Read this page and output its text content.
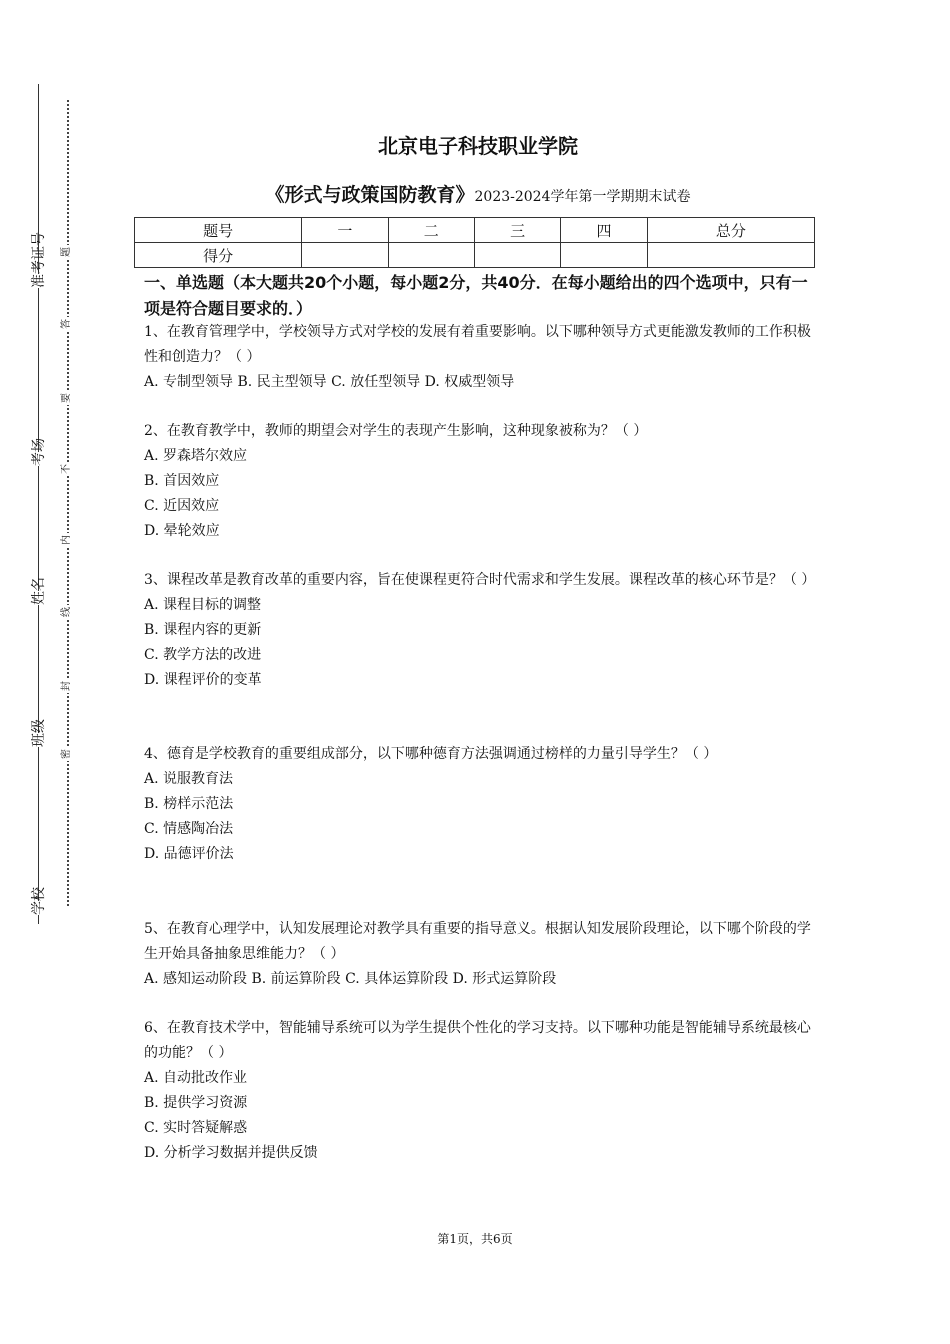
准考证号
考场
姓名
班级
学校
题
答
要
不
内
线
封
密
北京电子科技职业学院
《形式与政策国防教育》2023-2024学年第一学期期末试卷
一、单选题（本大题共20个小题，每小题2分，共40分．在每小题给出的四个选项中，只有一项是符合题目要求的．）
1、在教育管理学中，学校领导方式对学校的发展有着重要影响。以下哪种领导方式更能激发教师的工作积极性和创造力？（ ）
A. 专制型领导 B. 民主型领导 C. 放任型领导 D. 权威型领导
2、在教育教学中，教师的期望会对学生的表现产生影响，这种现象被称为？（ ）
A. 罗森塔尔效应
B. 首因效应
C. 近因效应
D. 晕轮效应
3、课程改革是教育改革的重要内容，旨在使课程更符合时代需求和学生发展。课程改革的核心环节是？（ ）
A. 课程目标的调整
B. 课程内容的更新
C. 教学方法的改进
D. 课程评价的变革
4、德育是学校教育的重要组成部分，以下哪种德育方法强调通过榜样的力量引导学生？（ ）
A. 说服教育法
B. 榜样示范法
C. 情感陶冶法
D. 品德评价法
5、在教育心理学中，认知发展理论对教学具有重要的指导意义。根据认知发展阶段理论，以下哪个阶段的学生开始具备抽象思维能力？（ ）
A. 感知运动阶段 B. 前运算阶段 C. 具体运算阶段 D. 形式运算阶段
6、在教育技术学中，智能辅导系统可以为学生提供个性化的学习支持。以下哪种功能是智能辅导系统最核心的功能？（ ）
A. 自动批改作业
B. 提供学习资源
C. 实时答疑解惑
D. 分析学习数据并提供反馈
题号	一	二	三	四	总分
得分					
第1页，共6页
